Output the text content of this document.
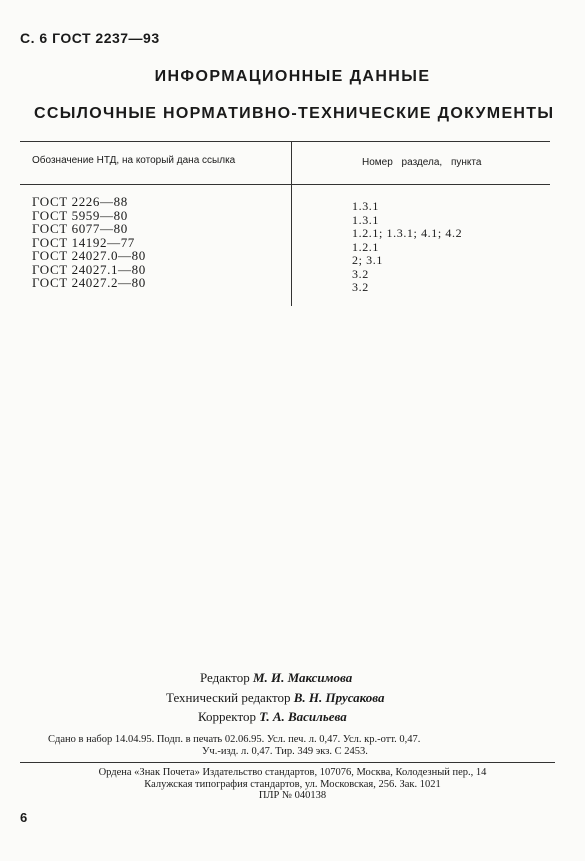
С. 6 ГОСТ 2237—93
ИНФОРМАЦИОННЫЕ ДАННЫЕ
ССЫЛОЧНЫЕ НОРМАТИВНО-ТЕХНИЧЕСКИЕ ДОКУМЕНТЫ
Обозначение НТД, на который дана ссылка	Номер раздела, пункта
ГОСТ 2226—88
ГОСТ 5959—80
ГОСТ 6077—80
ГОСТ 14192—77
ГОСТ 24027.0—80
ГОСТ 24027.1—80
ГОСТ 24027.2—80
1.3.1
1.3.1
1.2.1; 1.3.1; 4.1; 4.2
1.2.1
2; 3.1
3.2
3.2
Редактор М. И. Максимова
Технический редактор В. Н. Прусакова
Корректор Т. А. Васильева
Сдано в набор 14.04.95. Подп. в печать 02.06.95. Усл. печ. л. 0,47. Усл. кр.-отт. 0,47.
Уч.-изд. л. 0,47. Тир. 349 экз. С 2453.
Ордена «Знак Почета» Издательство стандартов, 107076, Москва, Колодезный пер., 14
Калужская типография стандартов, ул. Московская, 256. Зак. 1021
ПЛР № 040138
6
